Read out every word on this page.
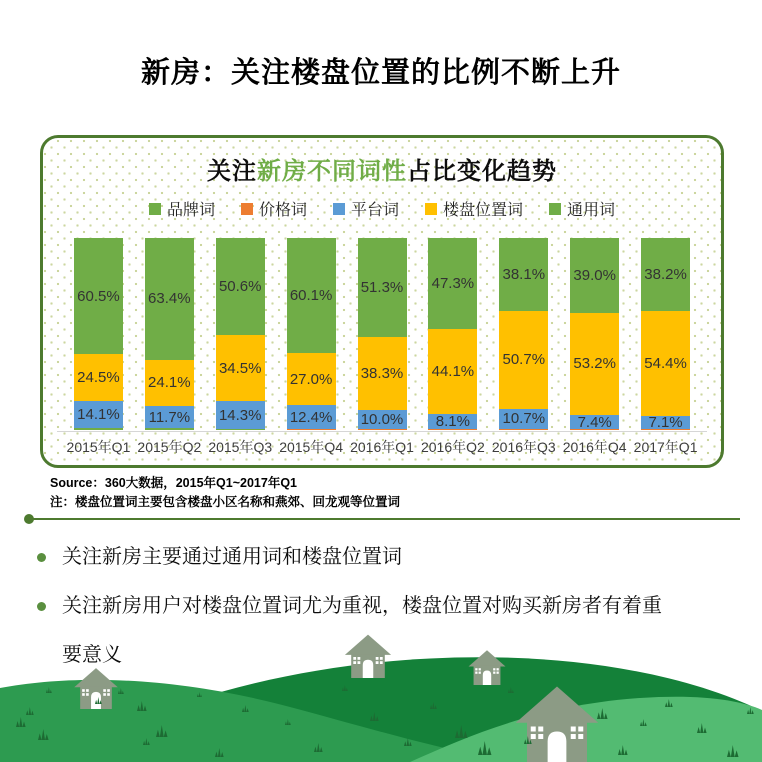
新房：关注楼盘位置的比例不断上升
关注新房不同词性占比变化趋势
品牌词	价格词	平台词	楼盘位置词	通用词
60.5%
24.5%
14.1%
63.4%
24.1%
11.7%
50.6%
34.5%
14.3%
60.1%
27.0%
12.4%
51.3%
38.3%
10.0%
47.3%
44.1%
8.1%
38.1%
50.7%
10.7%
39.0%
53.2%
7.4%
38.2%
54.4%
7.1%
2015年Q1 2015年Q2 2015年Q3 2015年Q4 2016年Q1 2016年Q2 2016年Q3 2016年Q4 2017年Q1
Source：360大数据，2015年Q1~2017年Q1
注：楼盘位置词主要包含楼盘小区名称和燕郊、回龙观等位置词
关注新房主要通过通用词和楼盘位置词
关注新房用户对楼盘位置词尤为重视，楼盘位置对购买新房者有着重要意义
